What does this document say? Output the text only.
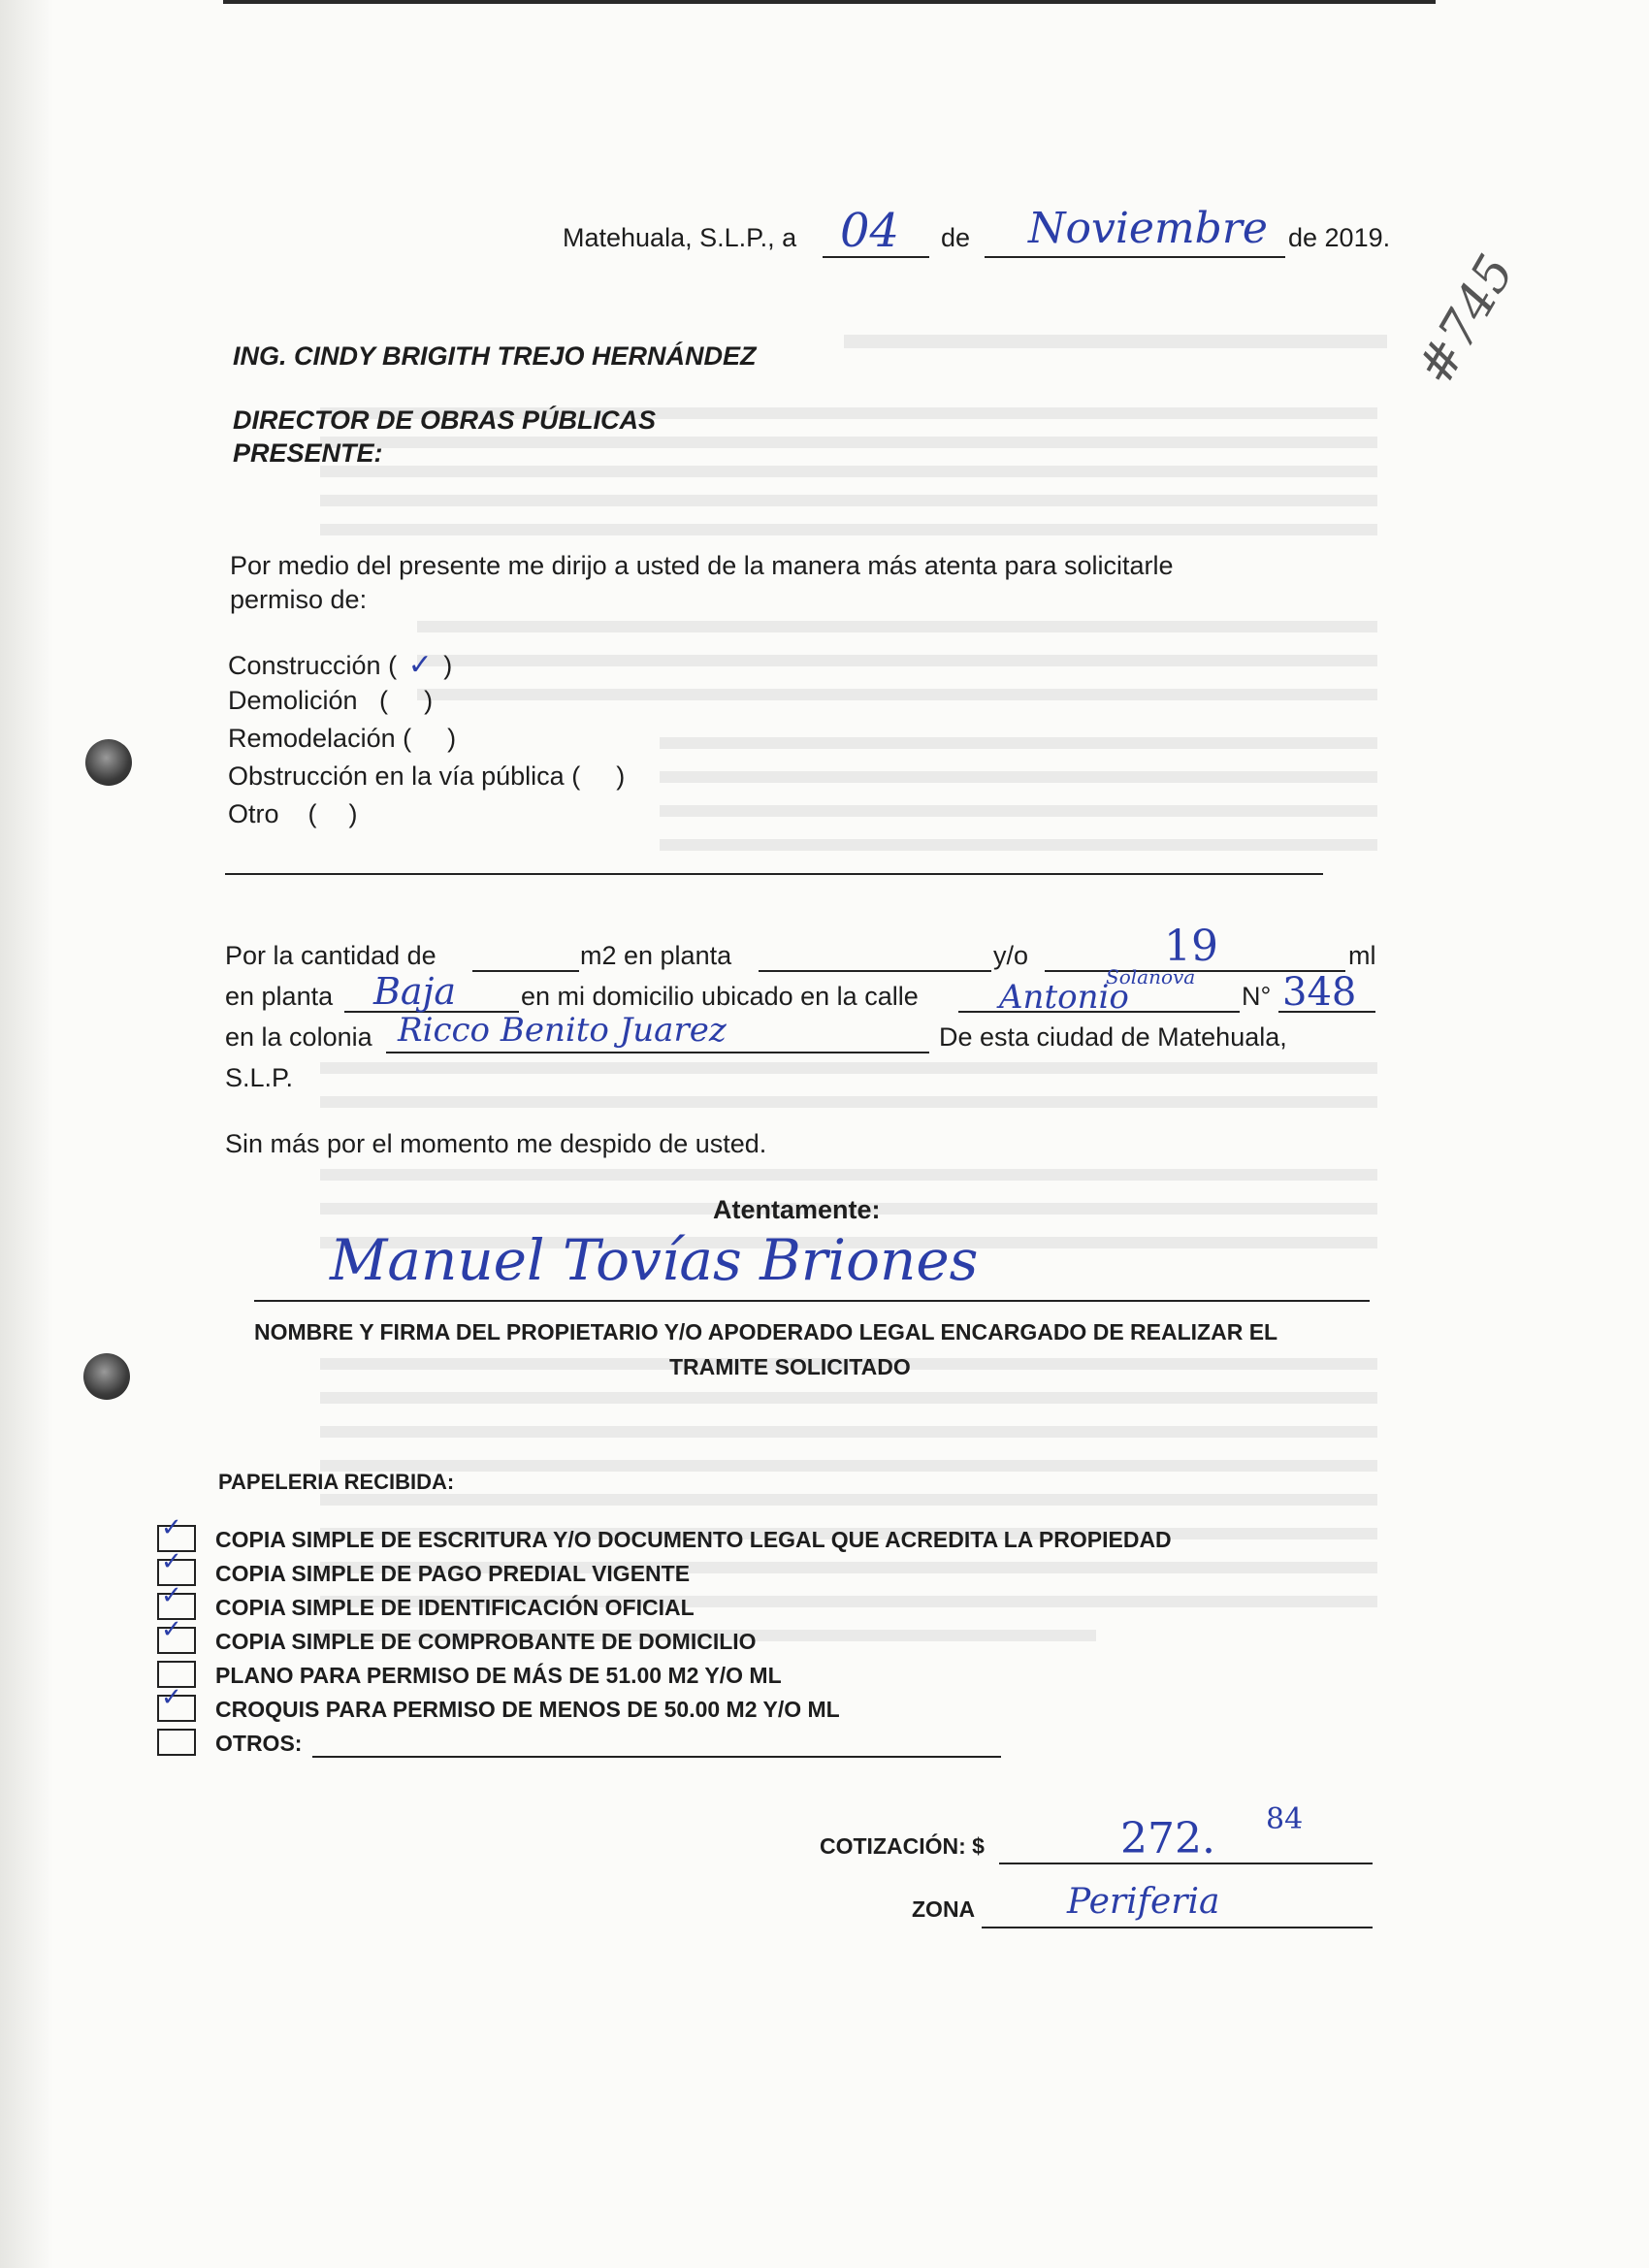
Matehuala, S.L.P., a 04 de Noviembre de 2019.
#745
ING. CINDY BRIGITH TREJO HERNÁNDEZ
DIRECTOR DE OBRAS PÚBLICAS
PRESENTE:
Por medio del presente me dirijo a usted de la manera más atenta para solicitarle
permiso de:
Construcción ( ✓ )
Demolición   ( )
Remodelación ( )
Obstrucción en la vía pública ( )
Otro    ( )
Por la cantidad de	m2 en planta	y/o	19	ml
en planta Baja en mi domicilio ubicado en la calle Antonio
Solanova
N° 348
en la colonia Ricco Benito Juarez	De esta ciudad de Matehuala,
S.L.P.
Sin más por el momento me despido de usted.
Atentamente:
Manuel Tovías Briones
NOMBRE Y FIRMA DEL PROPIETARIO Y/O APODERADO LEGAL ENCARGADO DE REALIZAR EL
TRAMITE SOLICITADO
PAPELERIA RECIBIDA:
✓ COPIA SIMPLE DE ESCRITURA Y/O DOCUMENTO LEGAL QUE ACREDITA LA PROPIEDAD
✓ COPIA SIMPLE DE PAGO PREDIAL VIGENTE
✓ COPIA SIMPLE DE IDENTIFICACIÓN OFICIAL
✓ COPIA SIMPLE DE COMPROBANTE DE DOMICILIO
PLANO PARA PERMISO DE MÁS DE 51.00 M2 Y/O ML
✓ CROQUIS PARA PERMISO DE MENOS DE 50.00 M2 Y/O ML
OTROS:
COTIZACIÓN: $	272. 84
ZONA	Periferia
